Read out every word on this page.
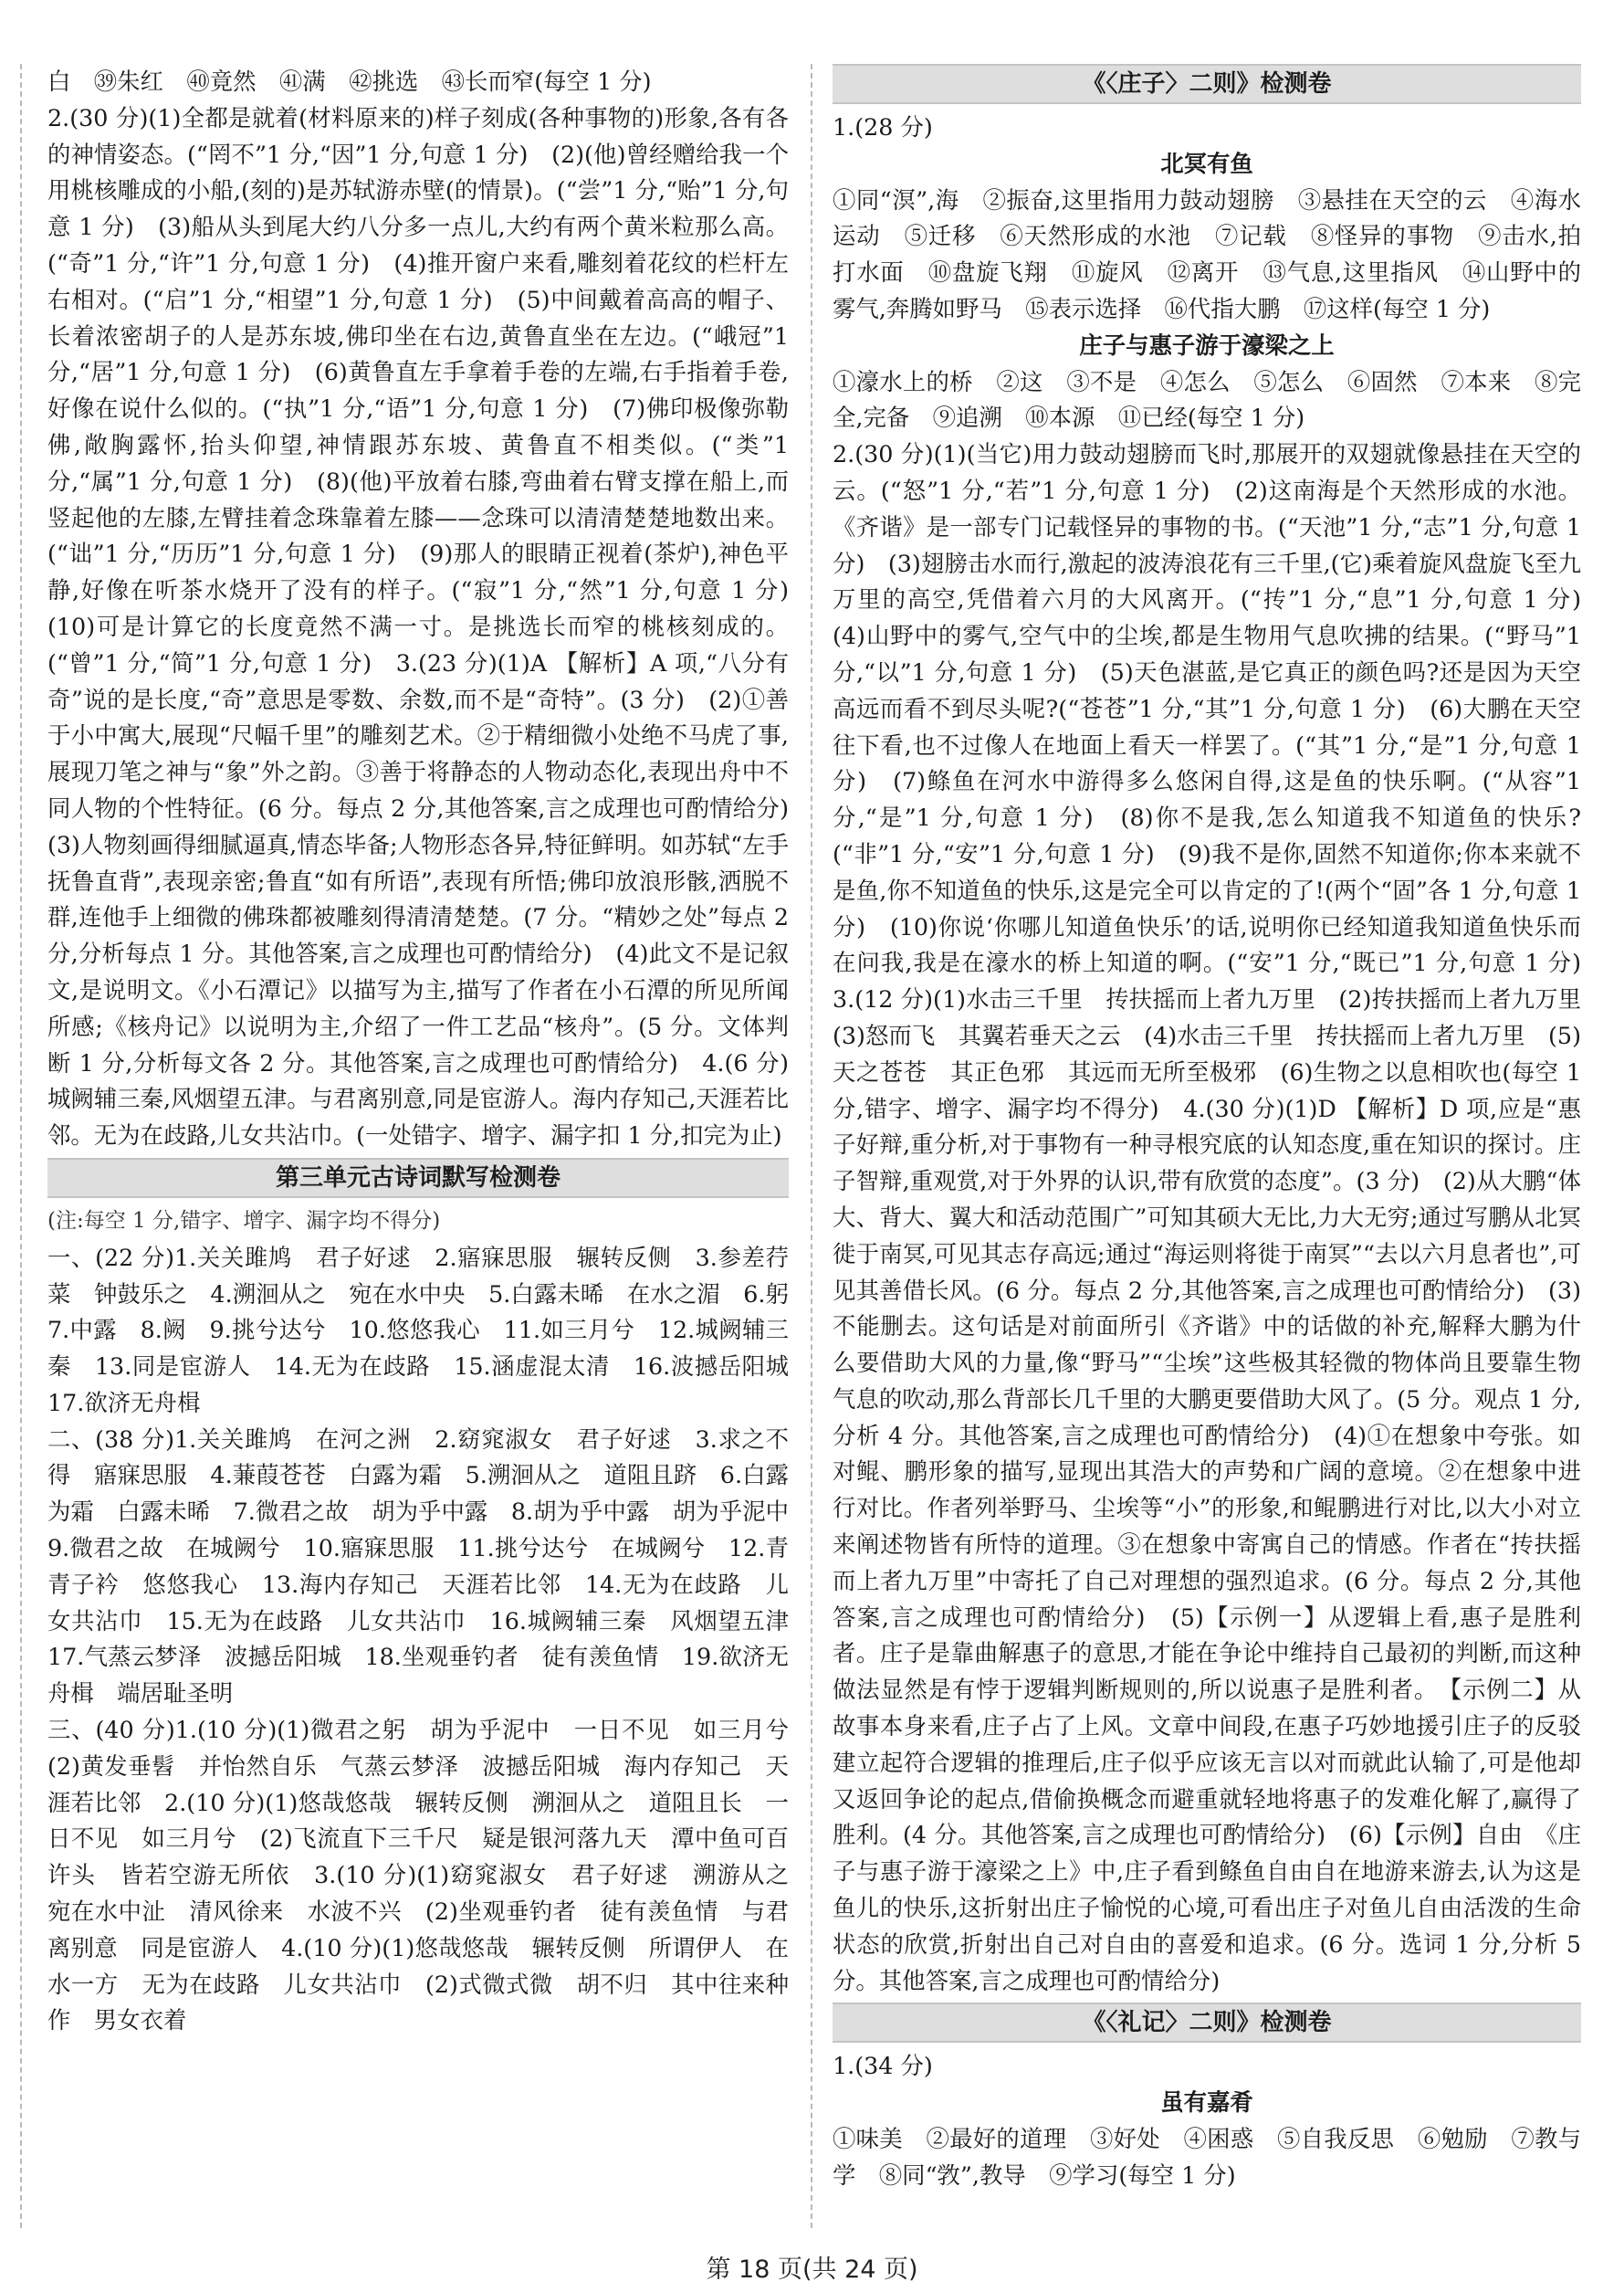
白　㊴朱红　㊵竟然　㊶满　㊷挑选　㊸长而窄(每空 1 分)

2.(30 分)(1)全都是就着(材料原来的)样子刻成(各种事物的)形象,各有各的神情姿态。(“罔不”1 分,“因”1 分,句意 1 分)　(2)(他)曾经赠给我一个用桃核雕成的小船,(刻的)是苏轼游赤壁(的情景)。(“尝”1 分,“贻”1 分,句意 1 分)　(3)船从头到尾大约八分多一点儿,大约有两个黄米粒那么高。(“奇”1 分,“许”1 分,句意 1 分)　(4)推开窗户来看,雕刻着花纹的栏杆左右相对。(“启”1 分,“相望”1 分,句意 1 分)　(5)中间戴着高高的帽子、长着浓密胡子的人是苏东坡,佛印坐在右边,黄鲁直坐在左边。(“峨冠”1 分,“居”1 分,句意 1 分)　(6)黄鲁直左手拿着手卷的左端,右手指着手卷,好像在说什么似的。(“执”1 分,“语”1 分,句意 1 分)　(7)佛印极像弥勒佛,敞胸露怀,抬头仰望,神情跟苏东坡、黄鲁直不相类似。(“类”1 分,“属”1 分,句意 1 分)　(8)(他)平放着右膝,弯曲着右臂支撑在船上,而竖起他的左膝,左臂挂着念珠靠着左膝——念珠可以清清楚楚地数出来。(“诎”1 分,“历历”1 分,句意 1 分)　(9)那人的眼睛正视着(茶炉),神色平静,好像在听茶水烧开了没有的样子。(“寂”1 分,“然”1 分,句意 1 分)　(10)可是计算它的长度竟然不满一寸。是挑选长而窄的桃核刻成的。(“曾”1 分,“简”1 分,句意 1 分)　3.(23 分)(1)A 【解析】A 项,“八分有奇”说的是长度,“奇”意思是零数、余数,而不是“奇特”。(3 分)　(2)①善于小中寓大,展现“尺幅千里”的雕刻艺术。②于精细微小处绝不马虎了事,展现刀笔之神与“象”外之韵。③善于将静态的人物动态化,表现出舟中不同人物的个性特征。(6 分。每点 2 分,其他答案,言之成理也可酌情给分)　(3)人物刻画得细腻逼真,情态毕备;人物形态各异,特征鲜明。如苏轼“左手抚鲁直背”,表现亲密;鲁直“如有所语”,表现有所悟;佛印放浪形骸,洒脱不群,连他手上细微的佛珠都被雕刻得清清楚楚。(7 分。“精妙之处”每点 2 分,分析每点 1 分。其他答案,言之成理也可酌情给分)　(4)此文不是记叙文,是说明文。《小石潭记》以描写为主,描写了作者在小石潭的所见所闻所感;《核舟记》以说明为主,介绍了一件工艺品“核舟”。(5 分。文体判断 1 分,分析每文各 2 分。其他答案,言之成理也可酌情给分)　4.(6 分)城阙辅三秦,风烟望五津。与君离别意,同是宦游人。海内存知己,天涯若比邻。无为在歧路,儿女共沾巾。(一处错字、增字、漏字扣 1 分,扣完为止)

第三单元古诗词默写检测卷

(注:每空 1 分,错字、增字、漏字均不得分)

一、(22 分)1.关关雎鸠　君子好逑　2.寤寐思服　辗转反侧　3.参差荇菜　钟鼓乐之　4.溯洄从之　宛在水中央　5.白露未晞　在水之湄　6.躬　7.中露　8.阙　9.挑兮达兮　10.悠悠我心　11.如三月兮　12.城阙辅三秦　13.同是宦游人　14.无为在歧路　15.涵虚混太清　16.波撼岳阳城　17.欲济无舟楫

二、(38 分)1.关关雎鸠　在河之洲　2.窈窕淑女　君子好逑　3.求之不得　寤寐思服　4.蒹葭苍苍　白露为霜　5.溯洄从之　道阻且跻　6.白露为霜　白露未晞　7.微君之故　胡为乎中露　8.胡为乎中露　胡为乎泥中　9.微君之故　在城阙兮　10.寤寐思服　11.挑兮达兮　在城阙兮　12.青青子衿　悠悠我心　13.海内存知己　天涯若比邻　14.无为在歧路　儿女共沾巾　15.无为在歧路　儿女共沾巾　16.城阙辅三秦　风烟望五津　17.气蒸云梦泽　波撼岳阳城　18.坐观垂钓者　徒有羡鱼情　19.欲济无舟楫　端居耻圣明

三、(40 分)1.(10 分)(1)微君之躬　胡为乎泥中　一日不见　如三月兮　(2)黄发垂髫　并怡然自乐　气蒸云梦泽　波撼岳阳城　海内存知己　天涯若比邻　2.(10 分)(1)悠哉悠哉　辗转反侧　溯洄从之　道阻且长　一日不见　如三月兮　(2)飞流直下三千尺　疑是银河落九天　潭中鱼可百许头　皆若空游无所依　3.(10 分)(1)窈窕淑女　君子好逑　溯游从之　宛在水中沚　清风徐来　水波不兴　(2)坐观垂钓者　徒有羡鱼情　与君离别意　同是宦游人　4.(10 分)(1)悠哉悠哉　辗转反侧　所谓伊人　在水一方　无为在歧路　儿女共沾巾　(2)式微式微　胡不归　其中往来种作　男女衣着

《〈庄子〉二则》检测卷

1.(28 分)

北冥有鱼

①同“溟”,海　②振奋,这里指用力鼓动翅膀　③悬挂在天空的云　④海水运动　⑤迁移　⑥天然形成的水池　⑦记载　⑧怪异的事物　⑨击水,拍打水面　⑩盘旋飞翔　⑪旋风　⑫离开　⑬气息,这里指风　⑭山野中的雾气,奔腾如野马　⑮表示选择　⑯代指大鹏　⑰这样(每空 1 分)

庄子与惠子游于濠梁之上

①濠水上的桥　②这　③不是　④怎么　⑤怎么　⑥固然　⑦本来　⑧完全,完备　⑨追溯　⑩本源　⑪已经(每空 1 分)

2.(30 分)(1)(当它)用力鼓动翅膀而飞时,那展开的双翅就像悬挂在天空的云。(“怒”1 分,“若”1 分,句意 1 分)　(2)这南海是个天然形成的水池。《齐谐》是一部专门记载怪异的事物的书。(“天池”1 分,“志”1 分,句意 1 分)　(3)翅膀击水而行,激起的波涛浪花有三千里,(它)乘着旋风盘旋飞至九万里的高空,凭借着六月的大风离开。(“抟”1 分,“息”1 分,句意 1 分)　(4)山野中的雾气,空气中的尘埃,都是生物用气息吹拂的结果。(“野马”1 分,“以”1 分,句意 1 分)　(5)天色湛蓝,是它真正的颜色吗?还是因为天空高远而看不到尽头呢?(“苍苍”1 分,“其”1 分,句意 1 分)　(6)大鹏在天空往下看,也不过像人在地面上看天一样罢了。(“其”1 分,“是”1 分,句意 1 分)　(7)鲦鱼在河水中游得多么悠闲自得,这是鱼的快乐啊。(“从容”1 分,“是”1 分,句意 1 分)　(8)你不是我,怎么知道我不知道鱼的快乐?(“非”1 分,“安”1 分,句意 1 分)　(9)我不是你,固然不知道你;你本来就不是鱼,你不知道鱼的快乐,这是完全可以肯定的了!(两个“固”各 1 分,句意 1 分)　(10)你说‘你哪儿知道鱼快乐’的话,说明你已经知道我知道鱼快乐而在问我,我是在濠水的桥上知道的啊。(“安”1 分,“既已”1 分,句意 1 分)　3.(12 分)(1)水击三千里　抟扶摇而上者九万里　(2)抟扶摇而上者九万里　(3)怒而飞　其翼若垂天之云　(4)水击三千里　抟扶摇而上者九万里　(5)天之苍苍　其正色邪　其远而无所至极邪　(6)生物之以息相吹也(每空 1 分,错字、增字、漏字均不得分)　4.(30 分)(1)D 【解析】D 项,应是“惠子好辩,重分析,对于事物有一种寻根究底的认知态度,重在知识的探讨。庄子智辩,重观赏,对于外界的认识,带有欣赏的态度”。(3 分)　(2)从大鹏“体大、背大、翼大和活动范围广”可知其硕大无比,力大无穷;通过写鹏从北冥徙于南冥,可见其志存高远;通过“海运则将徙于南冥”“去以六月息者也”,可见其善借长风。(6 分。每点 2 分,其他答案,言之成理也可酌情给分)　(3)不能删去。这句话是对前面所引《齐谐》中的话做的补充,解释大鹏为什么要借助大风的力量,像“野马”“尘埃”这些极其轻微的物体尚且要靠生物气息的吹动,那么背部长几千里的大鹏更要借助大风了。(5 分。观点 1 分,分析 4 分。其他答案,言之成理也可酌情给分)　(4)①在想象中夸张。如对鲲、鹏形象的描写,显现出其浩大的声势和广阔的意境。②在想象中进行对比。作者列举野马、尘埃等“小”的形象,和鲲鹏进行对比,以大小对立来阐述物皆有所恃的道理。③在想象中寄寓自己的情感。作者在“抟扶摇而上者九万里”中寄托了自己对理想的强烈追求。(6 分。每点 2 分,其他答案,言之成理也可酌情给分)　(5)【示例一】从逻辑上看,惠子是胜利者。庄子是靠曲解惠子的意思,才能在争论中维持自己最初的判断,而这种做法显然是有悖于逻辑判断规则的,所以说惠子是胜利者。　【示例二】从故事本身来看,庄子占了上风。文章中间段,在惠子巧妙地援引庄子的反驳建立起符合逻辑的推理后,庄子似乎应该无言以对而就此认输了,可是他却又返回争论的起点,借偷换概念而避重就轻地将惠子的发难化解了,赢得了胜利。(4 分。其他答案,言之成理也可酌情给分)　(6)【示例】自由　《庄子与惠子游于濠梁之上》中,庄子看到鲦鱼自由自在地游来游去,认为这是鱼儿的快乐,这折射出庄子愉悦的心境,可看出庄子对鱼儿自由活泼的生命状态的欣赏,折射出自己对自由的喜爱和追求。(6 分。选词 1 分,分析 5 分。其他答案,言之成理也可酌情给分)

《〈礼记〉二则》检测卷

1.(34 分)

虽有嘉肴

①味美　②最好的道理　③好处　④困惑　⑤自我反思　⑥勉励　⑦教与学　⑧同“敩”,教导　⑨学习(每空 1 分)

第 18 页(共 24 页)
